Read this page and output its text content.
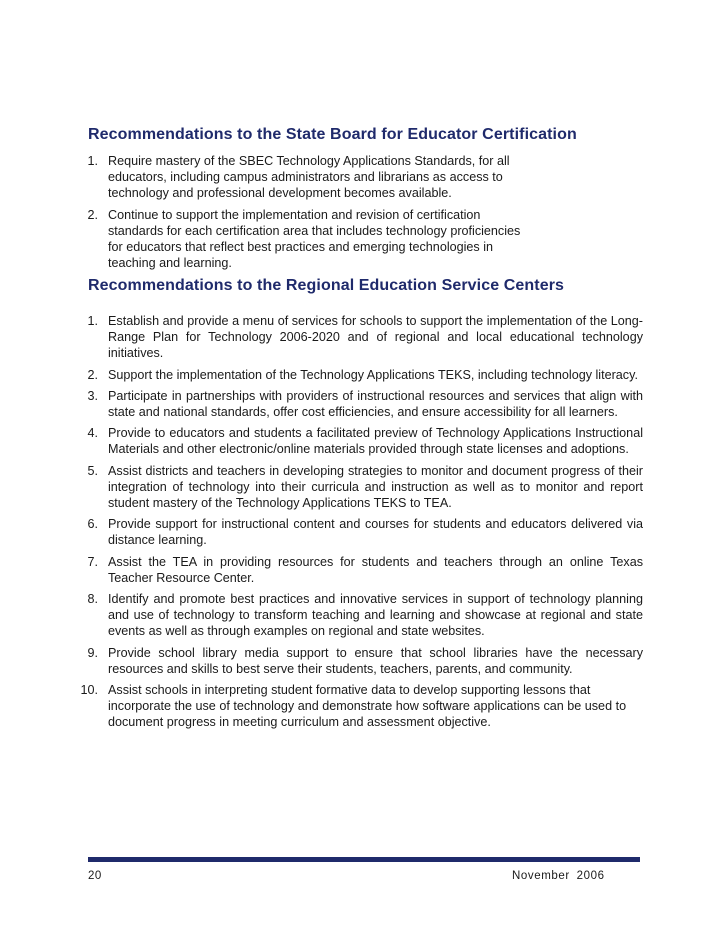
Recommendations to the State Board for Educator Certification
1. Require mastery of the SBEC Technology Applications Standards, for all educators, including campus administrators and librarians as access to technology and professional development becomes available.
2. Continue to support the implementation and revision of certification standards for each certification area that includes technology proficiencies for educators that reflect best practices and emerging technologies in teaching and learning.
Recommendations to the Regional Education Service Centers
1. Establish and provide a menu of services for schools to support the implementation of the Long-Range Plan for Technology 2006-2020 and of regional and local educational technology initiatives.
2. Support the implementation of the Technology Applications TEKS, including technology literacy.
3. Participate in partnerships with providers of instructional resources and services that align with state and national standards, offer cost efficiencies, and ensure accessibility for all learners.
4. Provide to educators and students a facilitated preview of Technology Applications Instructional Materials and other electronic/online materials provided through state licenses and adoptions.
5. Assist districts and teachers in developing strategies to monitor and document progress of their integration of technology into their curricula and instruction as well as to monitor and report student mastery of the Technology Applications TEKS to TEA.
6. Provide support for instructional content and courses for students and educators delivered via distance learning.
7. Assist the TEA in providing resources for students and teachers through an online Texas Teacher Resource Center.
8. Identify and promote best practices and innovative services in support of technology planning and use of technology to transform teaching and learning and showcase at regional and state events as well as through examples on regional and state websites.
9. Provide school library media support to ensure that school libraries have the necessary resources and skills to best serve their students, teachers, parents, and community.
10. Assist schools in interpreting student formative data to develop supporting lessons that incorporate the use of technology and demonstrate how software applications can be used to document progress in meeting curriculum and assessment objective.
20	November 2006
